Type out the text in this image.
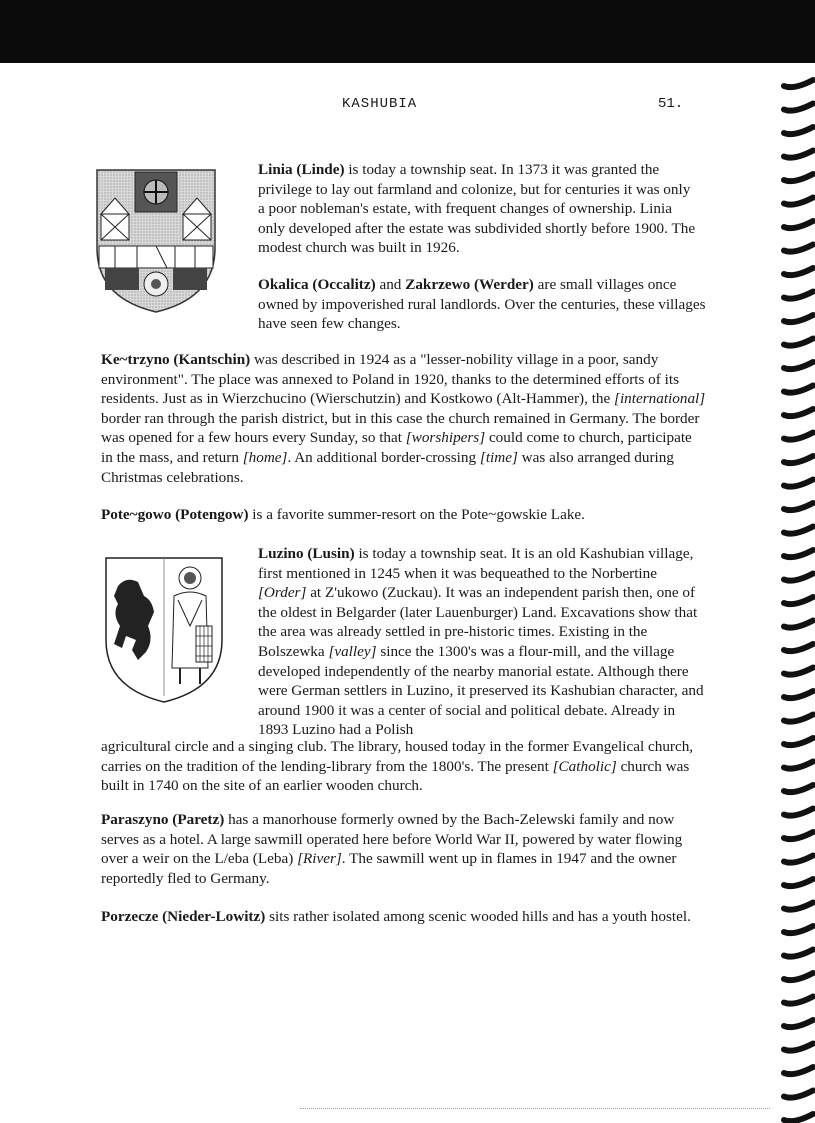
KASHUBIA	51.

Linia (Linde) is today a township seat. In 1373 it was granted the privilege to lay out farmland and colonize, but for centuries it was only a poor nobleman's estate, with frequent changes of ownership. Linia only developed after the estate was subdivided shortly before 1900. The modest church was built in 1926.

Okalica (Occalitz) and Zakrzewo (Werder) are small villages once owned by impoverished rural landlords. Over the centuries, these villages have seen few changes.

Ke~trzyno (Kantschin) was described in 1924 as a "lesser-nobility village in a poor, sandy environment". The place was annexed to Poland in 1920, thanks to the determined efforts of its residents. Just as in Wierzchucino (Wierschutzin) and Kostkowo (Alt-Hammer), the [international] border ran through the parish district, but in this case the church remained in Germany. The border was opened for a few hours every Sunday, so that [worshipers] could come to church, participate in the mass, and return [home]. An additional border-crossing [time] was also arranged during Christmas celebrations.

Pote~gowo (Potengow) is a favorite summer-resort on the Pote~gowskie Lake.

Luzino (Lusin) is today a township seat. It is an old Kashubian village, first mentioned in 1245 when it was bequeathed to the Norbertine [Order] at Z'ukowo (Zuckau). It was an independent parish then, one of the oldest in Belgarder (later Lauenburger) Land. Excavations show that the area was already settled in pre-historic times. Existing in the Bolszewka [valley] since the 1300's was a flour-mill, and the village developed independently of the nearby manorial estate. Although there were German settlers in Luzino, it preserved its Kashubian character, and around 1900 it was a center of social and political debate. Already in 1893 Luzino had a Polish

agricultural circle and a singing club. The library, housed today in the former Evangelical church, carries on the tradition of the lending-library from the 1800's. The present [Catholic] church was built in 1740 on the site of an earlier wooden church.

Paraszyno (Paretz) has a manorhouse formerly owned by the Bach-Zelewski family and now serves as a hotel. A large sawmill operated here before World War II, powered by water flowing over a weir on the L/eba (Leba) [River]. The sawmill went up in flames in 1947 and the owner reportedly fled to Germany.

Porzecze (Nieder-Lowitz) sits rather isolated among scenic wooded hills and has a youth hostel.
